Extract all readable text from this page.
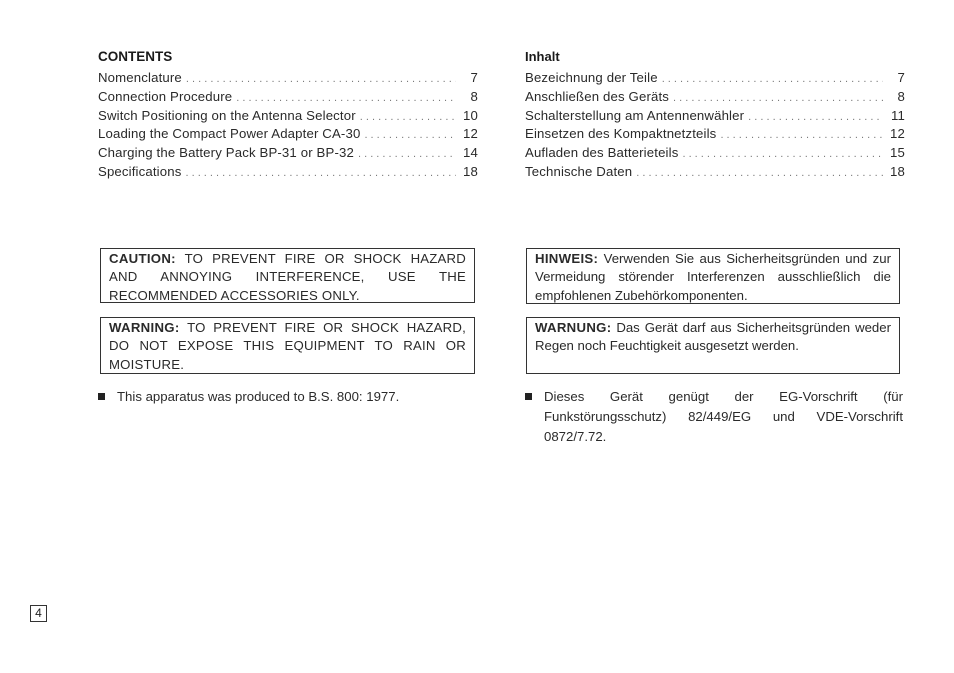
CONTENTS
Nomenclature . . .	7
Connection Procedure . . .	8
Switch Positioning on the Antenna Selector . . .	10
Loading the Compact Power Adapter CA-30 . . .	12
Charging the Battery Pack BP-31 or BP-32 . . .	14
Specifications . . .	18
Inhalt
Bezeichnung der Teile . . .	7
Anschließen des Geräts . . .	8
Schalterstellung am Antennenwähler . . .	11
Einsetzen des Kompaktnetzteils . . .	12
Aufladen des Batterieteils . . .	15
Technische Daten . . .	18
CAUTION: TO PREVENT FIRE OR SHOCK HAZARD AND ANNOYING INTERFERENCE, USE THE RECOMMENDED ACCESSORIES ONLY.
WARNING: TO PREVENT FIRE OR SHOCK HAZARD, DO NOT EXPOSE THIS EQUIPMENT TO RAIN OR MOISTURE.
HINWEIS: Verwenden Sie aus Sicherheitsgründen und zur Vermeidung störender Interferenzen ausschließlich die empfohlenen Zubehörkomponenten.
WARNUNG: Das Gerät darf aus Sicherheitsgründen weder Regen noch Feuchtigkeit ausgesetzt werden.
This apparatus was produced to B.S. 800: 1977.	Dieses Gerät genügt der EG-Vorschrift (für Funkstörungsschutz) 82/449/EG und VDE-Vorschrift 0872/7.72.
4
